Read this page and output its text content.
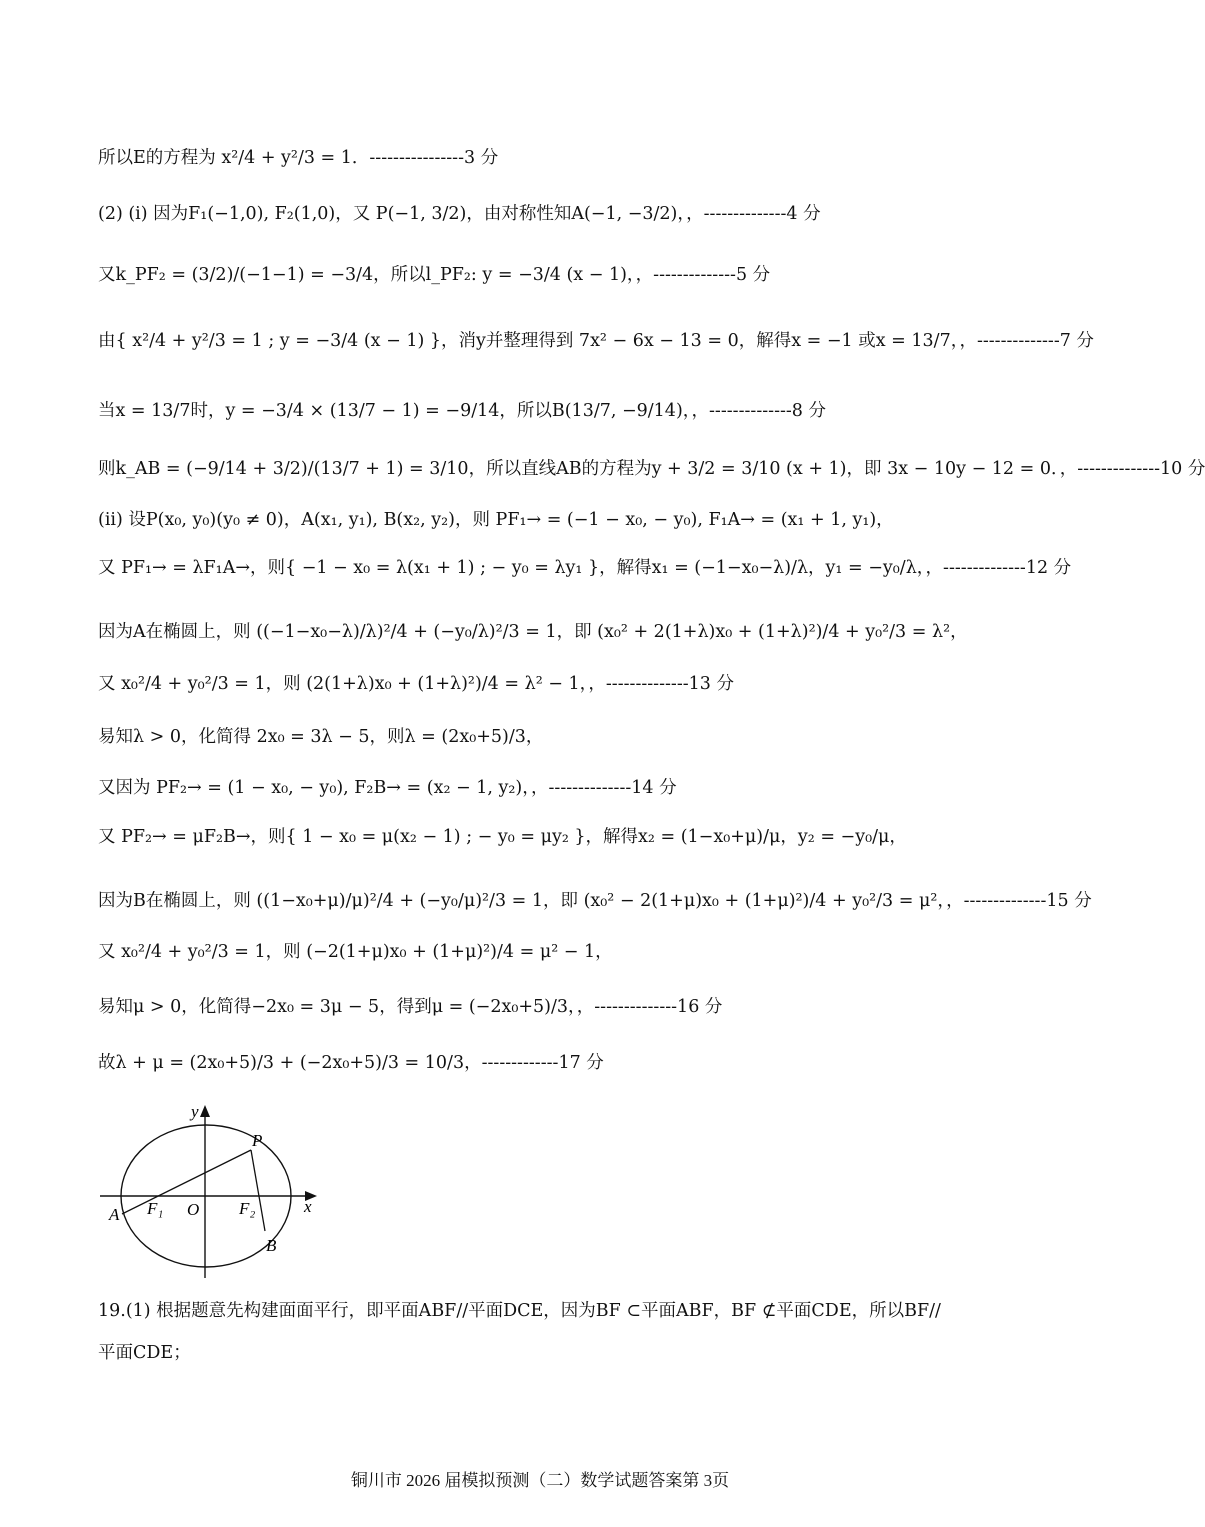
所以E的方程为 x²/4 + y²/3 = 1．----------------3 分
(2) (i) 因为F₁(−1,0), F₂(1,0)，又 P(−1, 3/2)，由对称性知A(−1, −3/2)，，--------------4 分
又k_PF₂ = (3/2)/(−1−1) = −3/4，所以l_PF₂: y = −3/4 (x − 1)，，--------------5 分
由{ x²/4 + y²/3 = 1 ; y = −3/4 (x − 1) }，消y并整理得到 7x² − 6x − 13 = 0，解得x = −1 或x = 13/7，，--------------7 分
当x = 13/7时，y = −3/4 × (13/7 − 1) = −9/14，所以B(13/7, −9/14)，，--------------8 分
则k_AB = (−9/14 + 3/2)/(13/7 + 1) = 3/10，所以直线AB的方程为y + 3/2 = 3/10 (x + 1)，即 3x − 10y − 12 = 0．，--------------10 分
(ii) 设P(x₀, y₀)(y₀ ≠ 0)，A(x₁, y₁), B(x₂, y₂)，则 PF₁→ = (−1 − x₀, − y₀), F₁A→ = (x₁ + 1, y₁)，
又 PF₁→ = λF₁A→，则{ −1 − x₀ = λ(x₁ + 1) ; − y₀ = λy₁ }，解得x₁ = (−1−x₀−λ)/λ，y₁ = −y₀/λ，，--------------12 分
因为A在椭圆上，则 ((−1−x₀−λ)/λ)²/4 + (−y₀/λ)²/3 = 1，即 (x₀² + 2(1+λ)x₀ + (1+λ)²)/4 + y₀²/3 = λ²，
又 x₀²/4 + y₀²/3 = 1，则 (2(1+λ)x₀ + (1+λ)²)/4 = λ² − 1，，--------------13 分
易知λ > 0，化简得 2x₀ = 3λ − 5，则λ = (2x₀+5)/3，
又因为 PF₂→ = (1 − x₀, − y₀), F₂B→ = (x₂ − 1, y₂)，，--------------14 分
又 PF₂→ = μF₂B→，则{ 1 − x₀ = μ(x₂ − 1) ; − y₀ = μy₂ }，解得x₂ = (1−x₀+μ)/μ，y₂ = −y₀/μ，
因为B在椭圆上，则 ((1−x₀+μ)/μ)²/4 + (−y₀/μ)²/3 = 1，即 (x₀² − 2(1+μ)x₀ + (1+μ)²)/4 + y₀²/3 = μ²，，--------------15 分
又 x₀²/4 + y₀²/3 = 1，则 (−2(1+μ)x₀ + (1+μ)²)/4 = μ² − 1，
易知μ > 0，化简得−2x₀ = 3μ − 5，得到μ = (−2x₀+5)/3，，--------------16 分
故λ + μ = (2x₀+5)/3 + (−2x₀+5)/3 = 10/3，-------------17 分
y
P
A F₁ O F₂	x
B
19.(1) 根据题意先构建面面平行，即平面ABF//平面DCE，因为BF ⊂平面ABF，BF ⊄平面CDE，所以BF//
平面CDE；
铜川市 2026 届模拟预测（二）数学试题答案第 3页
